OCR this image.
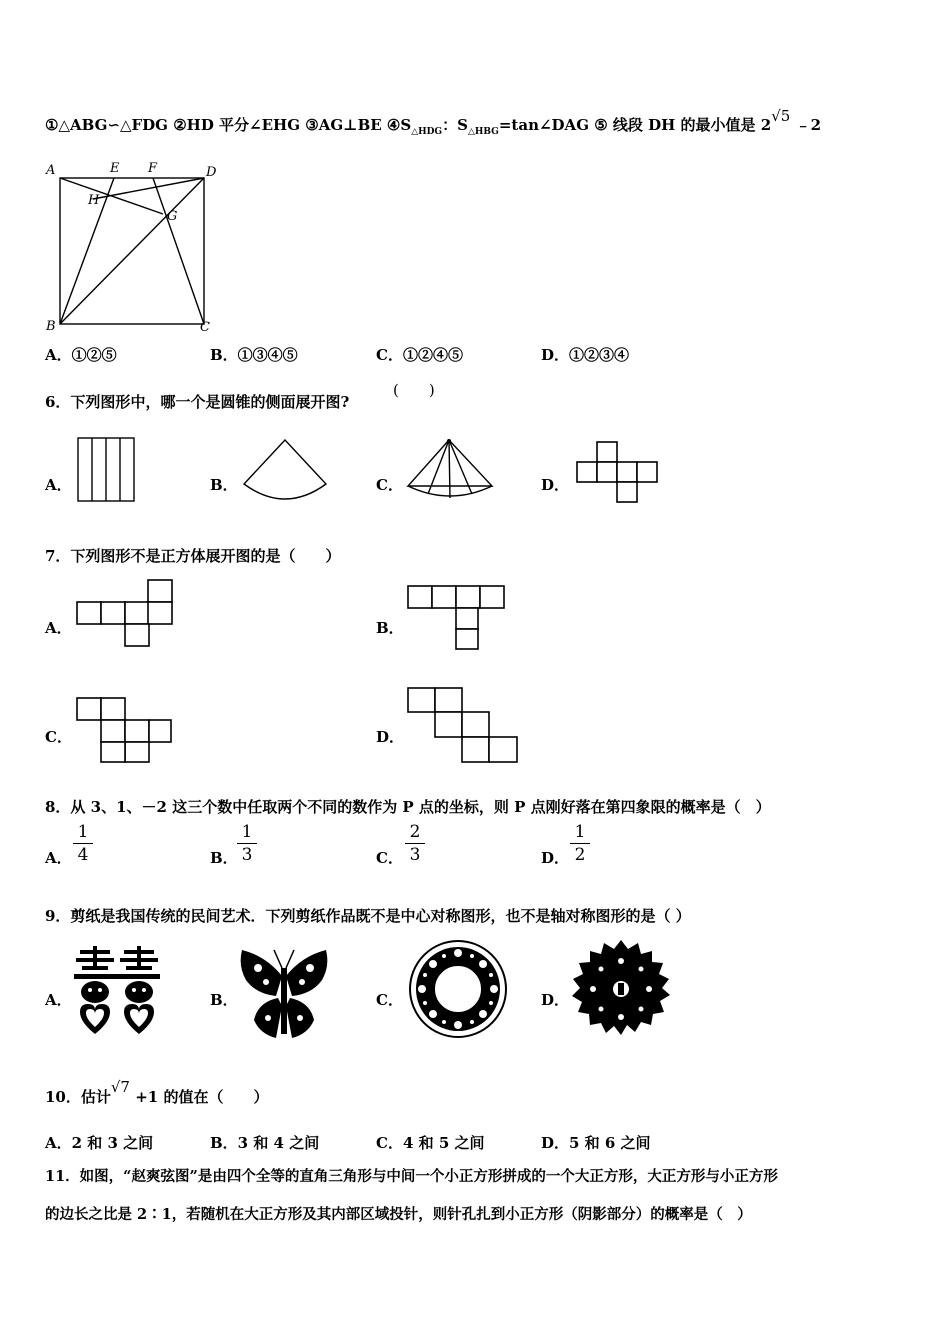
①△ABG∽△FDG ②HD 平分∠EHG ③AG⊥BE $④S_{\triangle HDG}$：$S_{\triangle HBG}=\tan\angle DAG$ ⑤ 线段 DH 的最小值是 2√5 ﹣2
A	E F	D
H
G
B	C
A．①②⑤	B．①③④⑤	C．①②④⑤	D．①②③④
6．下列图形中，哪一个是圆锥的侧面展开图?
(　　)
A．	B．	C．	D．
7．下列图形不是正方体展开图的是（　　）
A．	B．
C．	D．
8．从 3、1、－2 这三个数中任取两个不同的数作为 P 点的坐标，则 P 点刚好落在第四象限的概率是（　）
A．
1
4	B．
1
3	C．
2
3	D．
1
2
9．剪纸是我国传统的民间艺术．下列剪纸作品既不是中心对称图形，也不是轴对称图形的是（ ）
A．	B．	C．	D．
10．估计√7 +1 的值在（　　）
A．2 和 3 之间	B．3 和 4 之间	C．4 和 5 之间	D．5 和 6 之间
11．如图，“赵爽弦图”是由四个全等的直角三角形与中间一个小正方形拼成的一个大正方形，大正方形与小正方形
的边长之比是 2∶1，若随机在大正方形及其内部区域投针，则针孔扎到小正方形（阴影部分）的概率是（　）
